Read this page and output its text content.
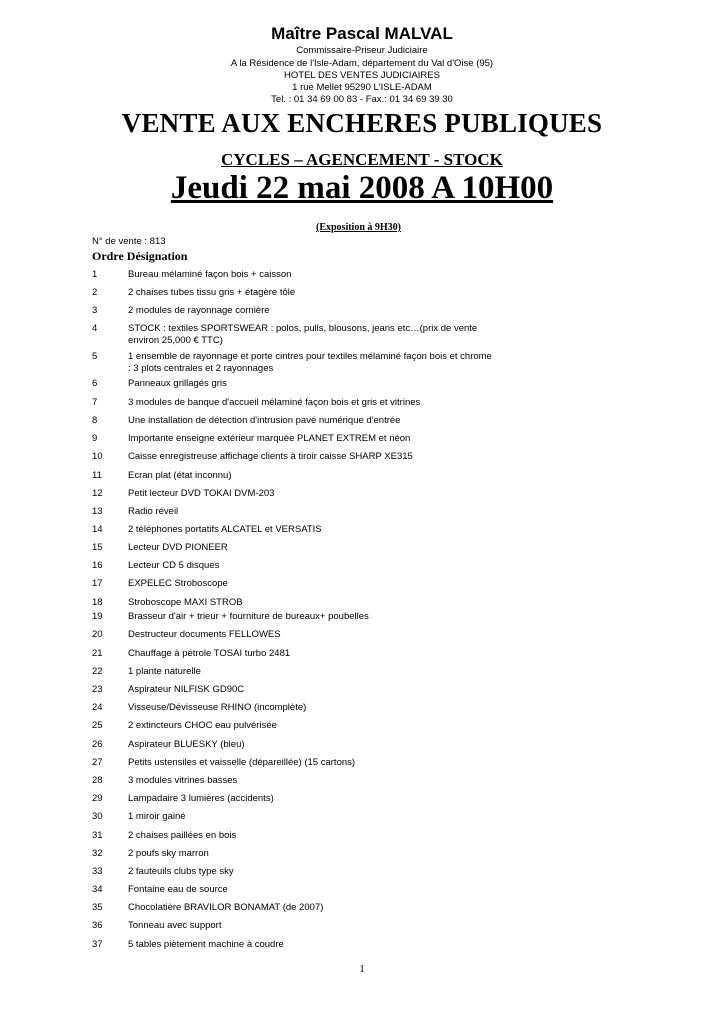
Maître Pascal MALVAL
Commissaire-Priseur Judiciaire
A la Résidence de l'Isle-Adam, département du Val d'Oise (95)
HOTEL DES VENTES JUDICIAIRES
1 rue Mellet 95290 L'ISLE-ADAM
Tel. : 01 34 69 00 83 - Fax.: 01 34 69 39 30
VENTE AUX ENCHERES PUBLIQUES
CYCLES – AGENCEMENT - STOCK
Jeudi 22 mai 2008 A 10H00
(Exposition à 9H30)
N° de vente : 813
Ordre Désignation
1	Bureau mélaminé façon bois + caisson
2	2 chaises tubes tissu gris + étagère tôle
3	2 modules de rayonnage cornière
4	STOCK : textiles SPORTSWEAR : polos, pulls, blousons, jeans etc…(prix de vente
environ 25,000 € TTC)
5	1 ensemble de rayonnage et porte cintres pour textiles mélaminé façon bois et chrome
: 3 plots centrales et 2 rayonnages
6	Panneaux grillagés gris
7	3 modules de banque d'accueil mélaminé façon bois et gris et vitrines
8	Une installation de détection d'intrusion pavé numérique d'entrée
9	Importante enseigne extérieur marquée PLANET EXTREM et néon
10	Caisse enregistreuse affichage clients à tiroir caisse SHARP XE315
11	Ecran plat (état inconnu)
12	Petit lecteur DVD TOKAI DVM-203
13	Radio réveil
14	2 téléphones portatifs ALCATEL et VERSATIS
15	Lecteur DVD PIONEER
16	Lecteur CD 5 disques
17	EXPELEC Stroboscope
18	Stroboscope MAXI STROB
19	Brasseur d'air + trieur + fourniture de bureaux+ poubelles
20	Destructeur documents FELLOWES
21	Chauffage à pétrole TOSAI turbo 2481
22	1 plante naturelle
23	Aspirateur NILFISK GD90C
24	Visseuse/Dévisseuse RHINO (incomplète)
25	2 extincteurs CHOC eau pulvérisée
26	Aspirateur BLUESKY (bleu)
27	Petits ustensiles et vaisselle (dépareillée) (15 cartons)
28	3 modules vitrines basses
29	Lampadaire 3 lumières (accidents)
30	1 miroir gainé
31	2 chaises paillées en bois
32	2 poufs sky marron
33	2 fauteuils clubs type sky
34	Fontaine eau de source
35	Chocolatière BRAVILOR BONAMAT (de 2007)
36	Tonneau avec support
37	5 tables piètement machine à coudre
1
